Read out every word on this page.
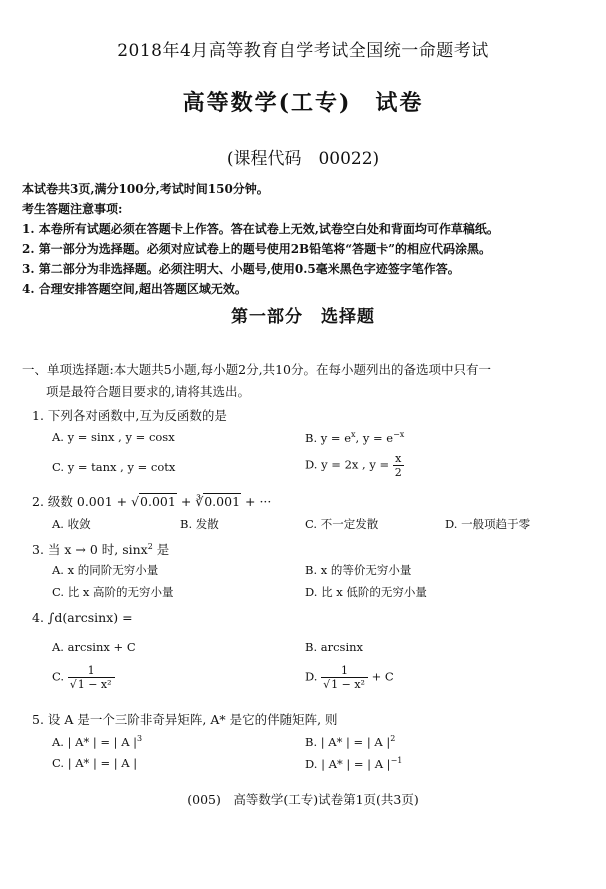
2018年4月高等教育自学考试全国统一命题考试
高等数学(工专)　试卷
(课程代码　00022)
本试卷共3页,满分100分,考试时间150分钟。
考生答题注意事项:
1. 本卷所有试题必须在答题卡上作答。答在试卷上无效,试卷空白处和背面均可作草稿纸。
2. 第一部分为选择题。必须对应试卷上的题号使用2B铅笔将“答题卡”的相应代码涂黑。
3. 第二部分为非选择题。必须注明大、小题号,使用0.5毫米黑色字迹签字笔作答。
4. 合理安排答题空间,超出答题区域无效。
第一部分　选择题
一、单项选择题:本大题共5小题,每小题2分,共10分。在每小题列出的备选项中只有一
项是最符合题目要求的,请将其选出。
1. 下列各对函数中,互为反函数的是
A. y = sinx , y = cosx	B. $y = e^x$, $y = e^{-x}$
C. y = tanx , y = cotx	D. y = 2x , $y = \frac{x}{2}$
2. 级数 0.001 + √0.001 + ∛0.001 + ···
A. 收敛	B. 发散	C. 不一定发散	D. 一般项趋于零
3. 当 x → 0 时, sinx$^2$ 是
A. x 的同阶无穷小量	B. x 的等价无穷小量
C. 比 x 高阶的无穷小量	D. 比 x 低阶的无穷小量
4. ∫d(arcsinx) =
A. arcsinx + C	B. arcsinx
C. $\frac{1}{\text{√1 − x²}}$	D. $\frac{1}{\text{√1 − x²}} + C$
5. 设 A 是一个三阶非奇异矩阵, A* 是它的伴随矩阵, 则
A. | A* | = | A $|^3$	B. | A* | = | A $|^2$
C. | A* | = | A |	D. | A* | = | A $|^{-1}$
(005)　高等数学(工专)试卷第1页(共3页)
